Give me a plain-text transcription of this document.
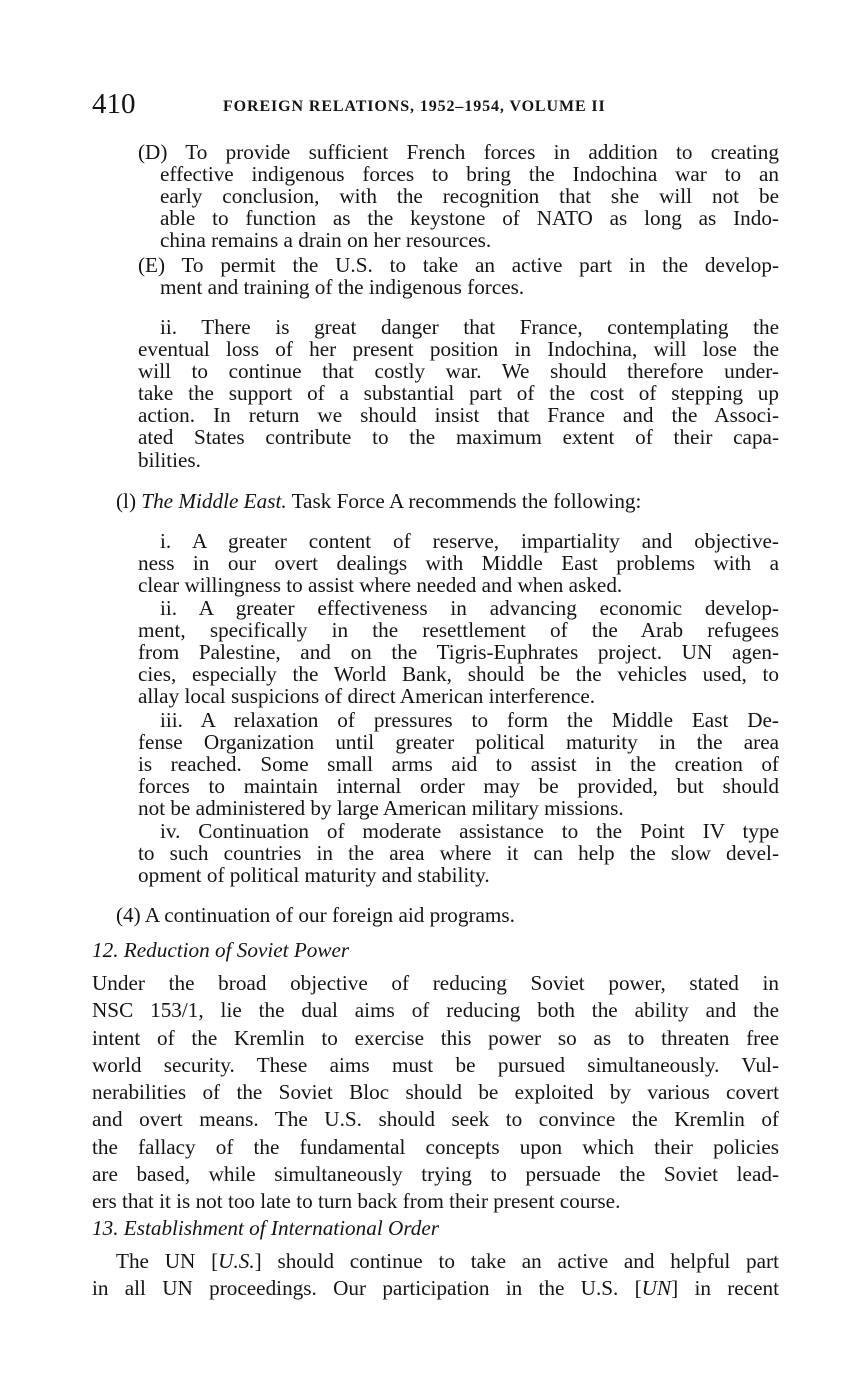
410	FOREIGN RELATIONS, 1952–1954, VOLUME II
(D) To provide sufficient French forces in addition to creating
effective indigenous forces to bring the Indochina war to an
early conclusion, with the recognition that she will not be
able to function as the keystone of NATO as long as Indo-
china remains a drain on her resources.
(E) To permit the U.S. to take an active part in the develop-
ment and training of the indigenous forces.
ii. There is great danger that France, contemplating the
eventual loss of her present position in Indochina, will lose the
will to continue that costly war. We should therefore under-
take the support of a substantial part of the cost of stepping up
action. In return we should insist that France and the Associ-
ated States contribute to the maximum extent of their capa-
bilities.
(l) The Middle East. Task Force A recommends the following:
i. A greater content of reserve, impartiality and objective-
ness in our overt dealings with Middle East problems with a
clear willingness to assist where needed and when asked.
ii. A greater effectiveness in advancing economic develop-
ment, specifically in the resettlement of the Arab refugees
from Palestine, and on the Tigris-Euphrates project. UN agen-
cies, especially the World Bank, should be the vehicles used, to
allay local suspicions of direct American interference.
iii. A relaxation of pressures to form the Middle East De-
fense Organization until greater political maturity in the area
is reached. Some small arms aid to assist in the creation of
forces to maintain internal order may be provided, but should
not be administered by large American military missions.
iv. Continuation of moderate assistance to the Point IV type
to such countries in the area where it can help the slow devel-
opment of political maturity and stability.
(4) A continuation of our foreign aid programs.
12. Reduction of Soviet Power
Under the broad objective of reducing Soviet power, stated in
NSC 153/1, lie the dual aims of reducing both the ability and the
intent of the Kremlin to exercise this power so as to threaten free
world security. These aims must be pursued simultaneously. Vul-
nerabilities of the Soviet Bloc should be exploited by various covert
and overt means. The U.S. should seek to convince the Kremlin of
the fallacy of the fundamental concepts upon which their policies
are based, while simultaneously trying to persuade the Soviet lead-
ers that it is not too late to turn back from their present course.
13. Establishment of International Order
The UN [U.S.] should continue to take an active and helpful part
in all UN proceedings. Our participation in the U.S. [UN] in recent
